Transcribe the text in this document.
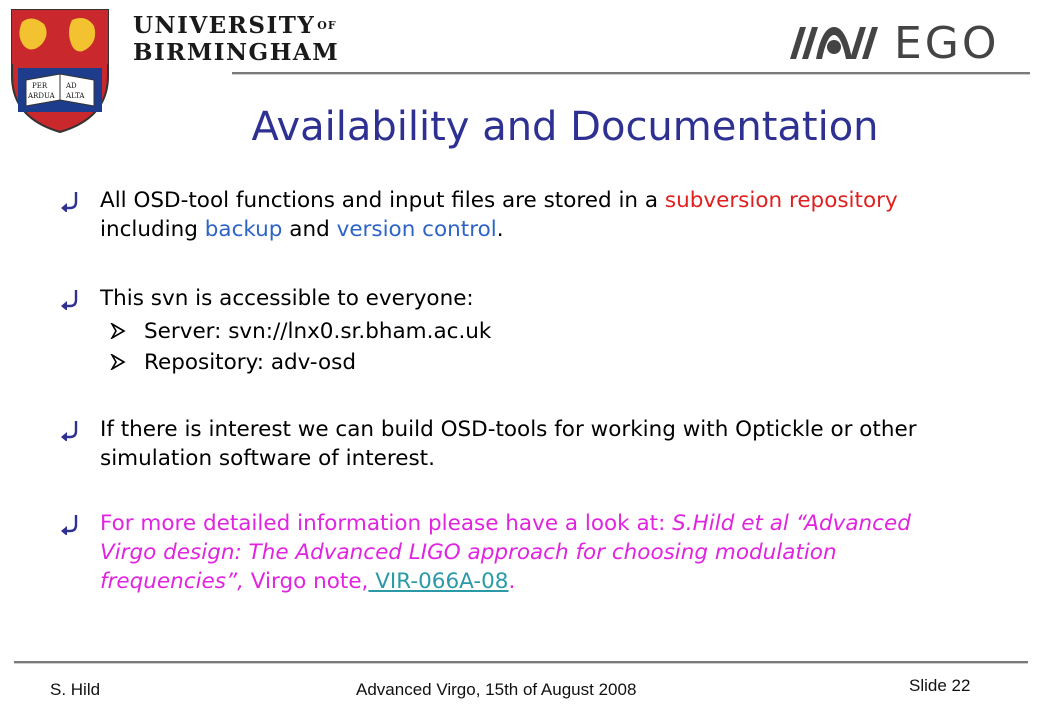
PER
ARDUA
AD
ALTA
UNIVERSITY $^{OF}$
BIRMINGHAM	EGO
Availability and Documentation
All OSD-tool functions and input files are stored in a subversion repository including backup and version control.
This svn is accessible to everyone:
Server: svn://lnx0.sr.bham.ac.uk
Repository: adv-osd
If there is interest we can build OSD-tools for working with Optickle or other simulation software of interest.
For more detailed information please have a look at: S.Hild et al “Advanced Virgo design: The Advanced LIGO approach for choosing modulation frequencies”, Virgo note, VIR-066A-08.
S. Hild	Advanced Virgo, 15th of August 2008	Slide 22
